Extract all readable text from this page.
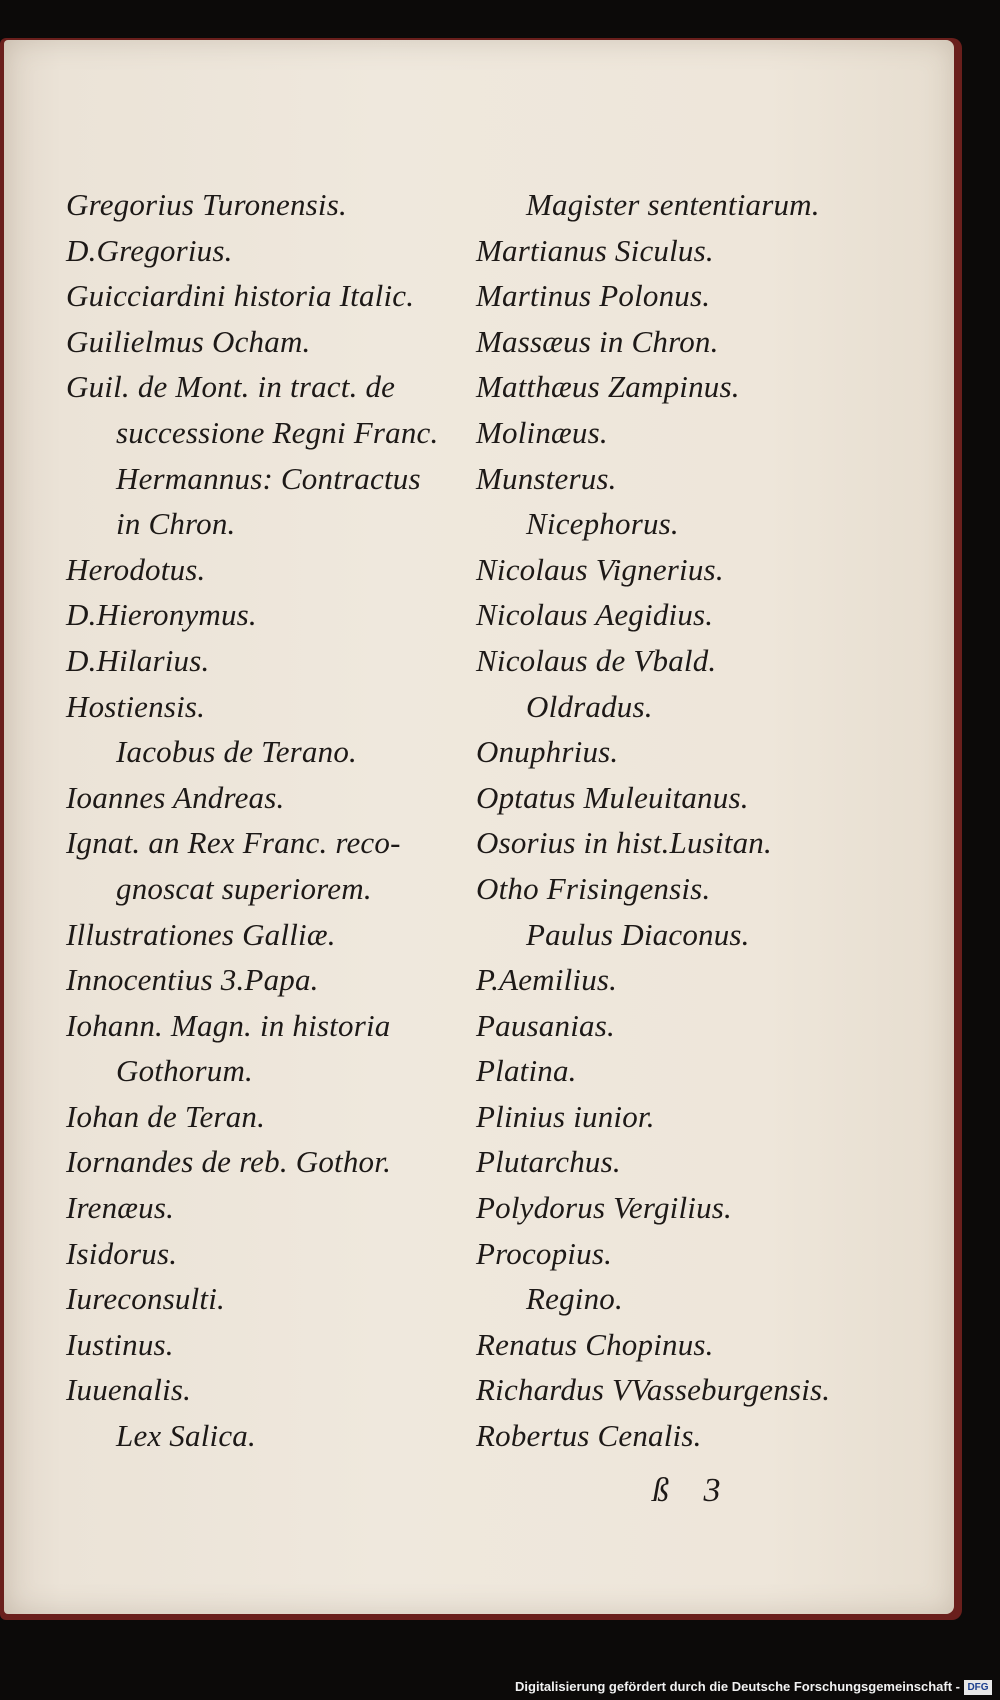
Gregorius Turonensis.
D.Gregorius.
Guicciardini historia Italic.
Guilielmus Ocham.
Guil. de Mont. in tract. de
successione Regni Franc.
Hermannus: Contractus
in Chron.
Herodotus.
D.Hieronymus.
D.Hilarius.
Hostiensis.
Iacobus de Terano.
Ioannes Andreas.
Ignat. an Rex Franc. reco-
gnoscat superiorem.
Illustrationes Galliæ.
Innocentius 3.Papa.
Iohann. Magn. in historia
Gothorum.
Iohan de Teran.
Iornandes de reb. Gothor.
Irenæus.
Isidorus.
Iureconsulti.
Iustinus.
Iuuenalis.
Lex Salica.
Magister sententiarum.
Martianus Siculus.
Martinus Polonus.
Massæus in Chron.
Matthæus Zampinus.
Molinæus.
Munsterus.
Nicephorus.
Nicolaus Vignerius.
Nicolaus Aegidius.
Nicolaus de Vbald.
Oldradus.
Onuphrius.
Optatus Muleuitanus.
Osorius in hist.Lusitan.
Otho Frisingensis.
Paulus Diaconus.
P.Aemilius.
Pausanias.
Platina.
Plinius iunior.
Plutarchus.
Polydorus Vergilius.
Procopius.
Regino.
Renatus Chopinus.
Richardus VVasseburgensis.
Robertus Cenalis.
ß 3
Digitalisierung gefördert durch die Deutsche Forschungsgemeinschaft - DFG
